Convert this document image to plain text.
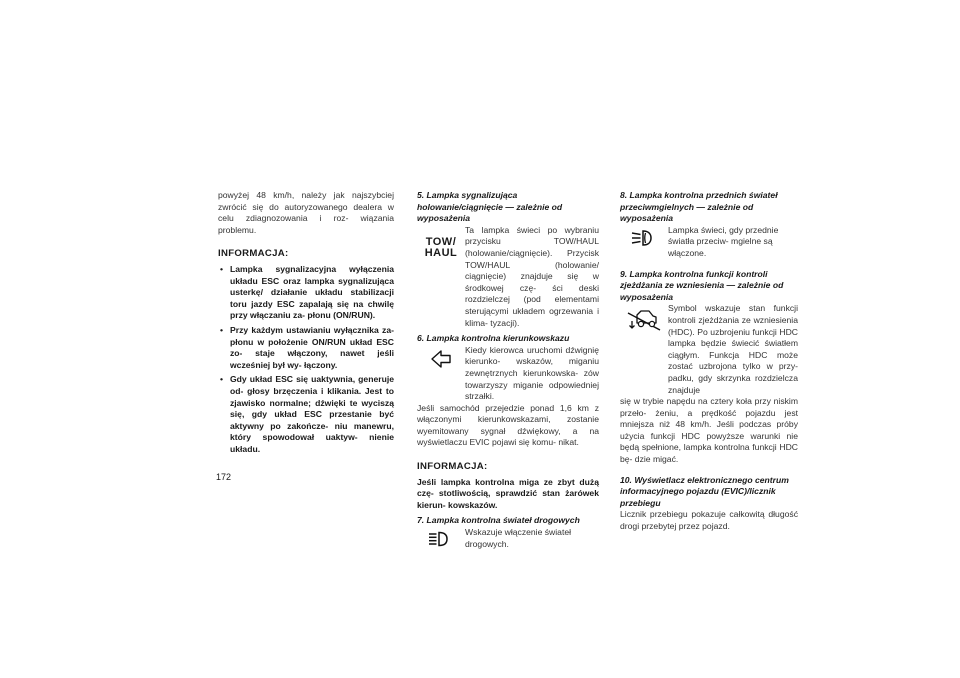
powyżej 48 km/h, należy jak najszybciej zwrócić się do autoryzowanego dealera w celu zdiagnozowania i roz- wiązania problemu.

INFORMACJA:
• Lampka sygnalizacyjna wyłączenia układu ESC oraz lampka sygnalizująca usterkę/ działanie układu stabilizacji toru jazdy ESC zapalają się na chwilę przy włączaniu za- płonu (ON/RUN).
• Przy każdym ustawianiu wyłącznika za- płonu w położenie ON/RUN układ ESC zo- staje włączony, nawet jeśli wcześniej był wy- łączony.
• Gdy układ ESC się uaktywnia, generuje od- głosy brzęczenia i klikania. Jest to zjawisko normalne; dźwięki te wyciszą się, gdy układ ESC przestanie być aktywny po zakończe- niu manewru, który spowodował uaktyw- nienie układu.

5. Lampka sygnalizująca holowanie/ciągnięcie — zależnie od wyposażenia

TOW/
HAUL

Ta lampka świeci po wybraniu przycisku TOW/HAUL (holowanie/ciągnięcie). Przycisk TOW/HAUL (holowanie/ ciągnięcie) znajduje się w środkowej czę- ści deski rozdzielczej (pod elementami sterującymi układem ogrzewania i klima- tyzacji).

6. Lampka kontrolna kierunkowskazu

Kiedy kierowca uruchomi dźwignię kierunko- wskazów, miganiu zewnętrznych kierunkowska- zów towarzyszy miganie odpowiedniej strzałki.

Jeśli samochód przejedzie ponad 1,6 km z włączonymi kierunkowskazami, zostanie wyemitowany sygnał dźwiękowy, a na wyświetlaczu EVIC pojawi się komu- nikat.

INFORMACJA:

Jeśli lampka kontrolna miga ze zbyt dużą czę- stotliwością, sprawdzić stan żarówek kierun- kowskazów.

7. Lampka kontrolna świateł drogowych

Wskazuje włączenie świateł drogowych.

8. Lampka kontrolna przednich świateł przeciwmgielnych — zależnie od wyposażenia

Lampka świeci, gdy przednie światła przeciw- mgielne są włączone.

9. Lampka kontrolna funkcji kontroli zjeżdżania ze wzniesienia — zależnie od wyposażenia

Symbol wskazuje stan funkcji kontroli zjeżdżania ze wzniesienia (HDC). Po uzbrojeniu funkcji HDC lampka będzie świecić światłem ciągłym. Funkcja HDC może zostać uzbrojona tylko w przy- padku, gdy skrzynka rozdzielcza znajduje

się w trybie napędu na cztery koła przy niskim przeło- żeniu, a prędkość pojazdu jest mniejsza niż 48 km/h. Jeśli podczas próby użycia funkcji HDC powyższe warunki nie będą spełnione, lampka kontrolna funkcji HDC bę- dzie migać.

10. Wyświetlacz elektronicznego centrum informacyjnego pojazdu (EVIC)/licznik przebiegu

Licznik przebiegu pokazuje całkowitą długość drogi przebytej przez pojazd.

172
